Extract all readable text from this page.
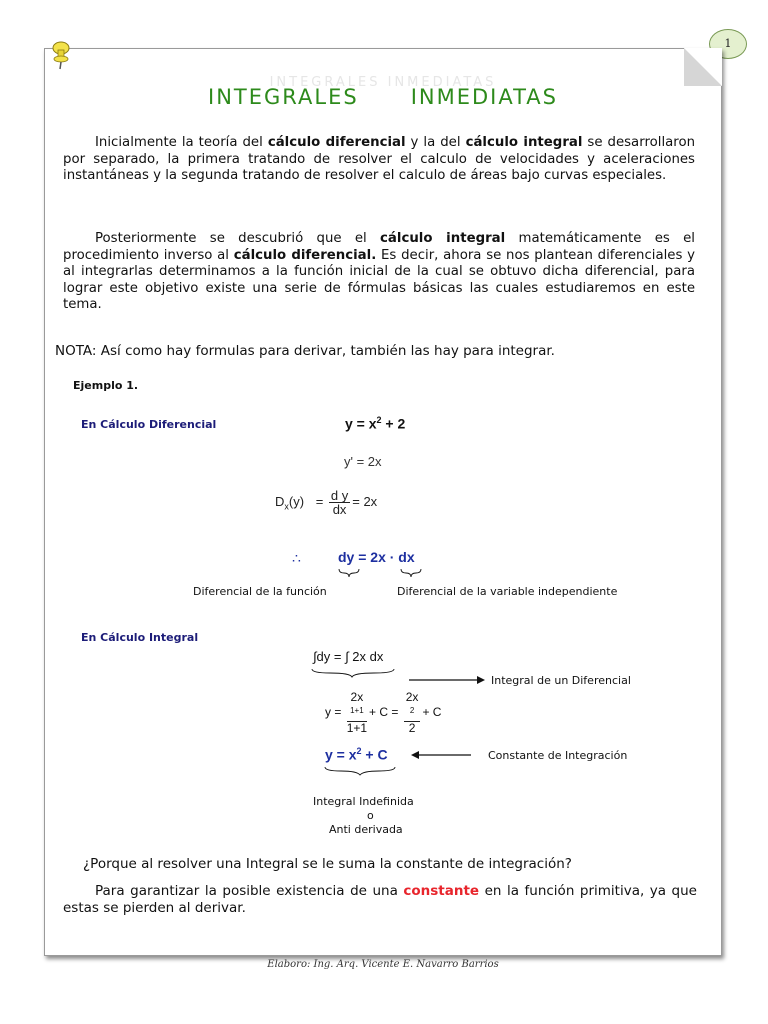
1
INTEGRALES INMEDIATAS
INTEGRALES INMEDIATAS

Inicialmente la teoría del cálculo diferencial y la del cálculo integral se desarrollaron por separado, la primera tratando de resolver el calculo de velocidades y aceleraciones instantáneas y la segunda tratando de resolver el calculo de áreas bajo curvas especiales.

Posteriormente se descubrió que el cálculo integral matemáticamente es el procedimiento inverso al cálculo diferencial. Es decir, ahora se nos plantean diferenciales y al integrarlas determinamos a la función inicial de la cual se obtuvo dicha diferencial, para lograr este objetivo existe una serie de fórmulas básicas las cuales estudiaremos en este tema.

NOTA: Así como hay formulas para derivar, también las hay para integrar.
Ejemplo 1.
En Cálculo Diferencial	$y = x^2 + 2$
y' = 2x
$D_x(y) = \frac{\text{d y}}{dx} = 2x$
∴	dy = 2x · dx
Diferencial de la función	Diferencial de la variable independiente
En Cálculo Integral
∫dy = ∫ 2x dx
Integral de un Diferencial
y = 2x
$^{1+1}$
1+1 + C = 2x
$^2$
2 + C
$y = x^2 + C$	Constante de Integración
Integral Indefinida
o
Anti derivada
¿Porque al resolver una Integral se le suma la constante de integración?

Para garantizar la posible existencia de una constante en la función primitiva, ya que estas se pierden al derivar.

Elaboro: Ing. Arq. Vicente E. Navarro Barrios
